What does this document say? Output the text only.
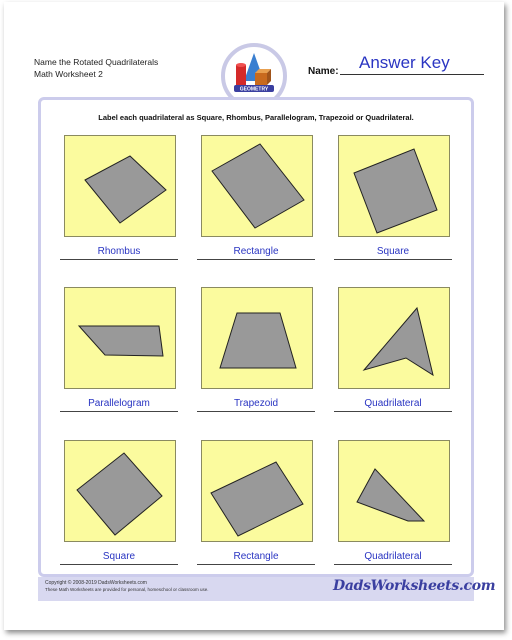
Name the Rotated Quadrilaterals
Math Worksheet 2
GEOMETRY
Name: Answer Key
Label each quadrilateral as Square, Rhombus, Parallelogram, Trapezoid or Quadrilateral.
Rhombus	Rectangle	Square
Parallelogram	Trapezoid	Quadrilateral
Square	Rectangle	Quadrilateral
Copyright © 2008-2019 DadsWorksheets.com
These Math Worksheets are provided for personal, homeschool or classroom use.	DadsWorksheets.com
